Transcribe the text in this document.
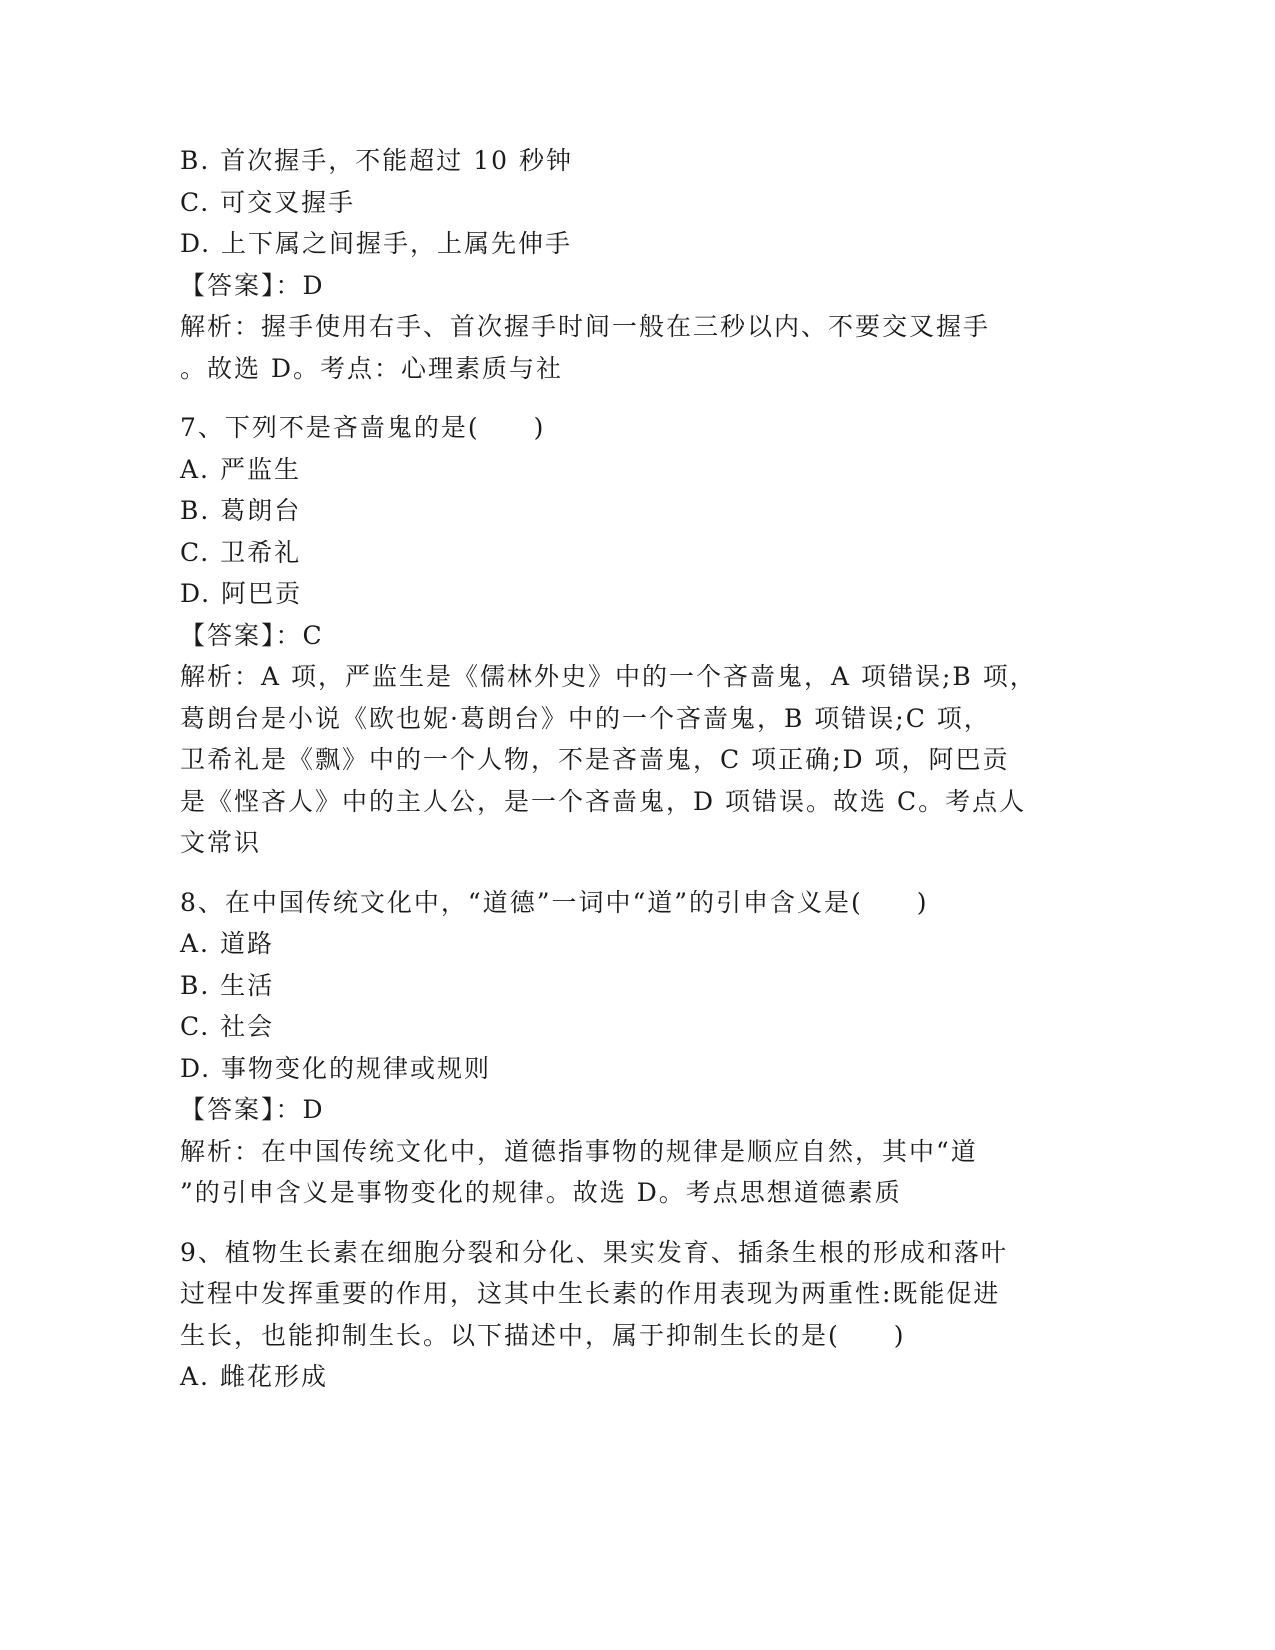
B. 首次握手，不能超过 10 秒钟
C. 可交叉握手
D. 上下属之间握手，上属先伸手
【答案】：D
解析：握手使用右手、首次握手时间一般在三秒以内、不要交叉握手
。故选 D。考点：心理素质与社
7、下列不是吝啬鬼的是(　　)
A. 严监生
B. 葛朗台
C. 卫希礼
D. 阿巴贡
【答案】：C
解析：A 项，严监生是《儒林外史》中的一个吝啬鬼，A 项错误;B 项，
葛朗台是小说《欧也妮·葛朗台》中的一个吝啬鬼，B 项错误;C 项，
卫希礼是《飘》中的一个人物，不是吝啬鬼，C 项正确;D 项，阿巴贡
是《悭吝人》中的主人公，是一个吝啬鬼，D 项错误。故选 C。考点人
文常识
8、在中国传统文化中，“道德”一词中“道”的引申含义是(　　)
A. 道路
B. 生活
C. 社会
D. 事物变化的规律或规则
【答案】：D
解析：在中国传统文化中，道德指事物的规律是顺应自然，其中“道
”的引申含义是事物变化的规律。故选 D。考点思想道德素质
9、植物生长素在细胞分裂和分化、果实发育、插条生根的形成和落叶
过程中发挥重要的作用，这其中生长素的作用表现为两重性:既能促进
生长，也能抑制生长。以下描述中，属于抑制生长的是(　　)
A. 雌花形成
